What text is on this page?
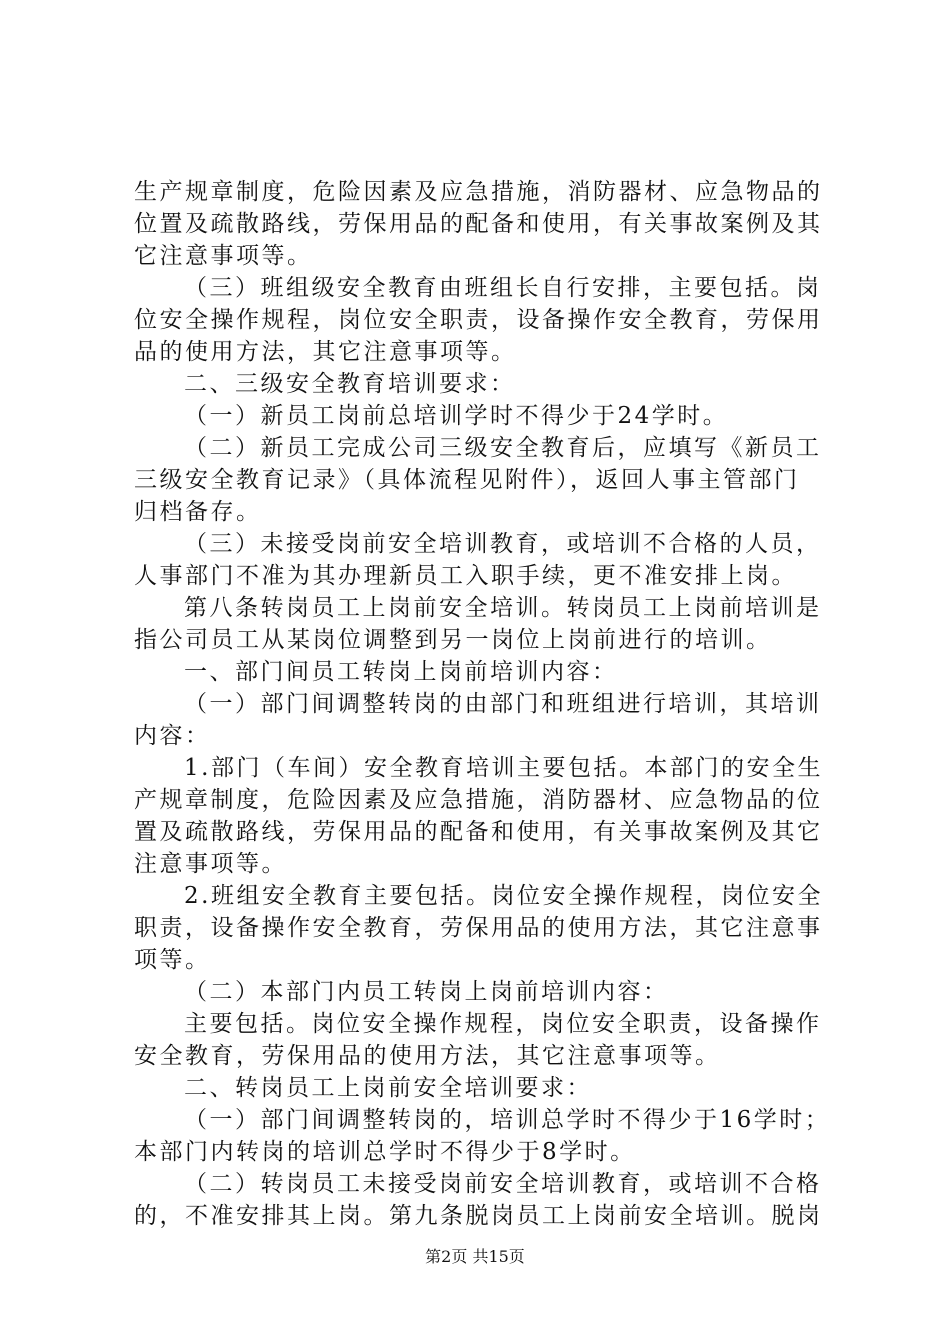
生产规章制度，危险因素及应急措施，消防器材、应急物品的
位置及疏散路线，劳保用品的配备和使用，有关事故案例及其
它注意事项等。
（三）班组级安全教育由班组长自行安排，主要包括。岗
位安全操作规程，岗位安全职责，设备操作安全教育，劳保用
品的使用方法，其它注意事项等。
二、三级安全教育培训要求：
（一）新员工岗前总培训学时不得少于24学时。
（二）新员工完成公司三级安全教育后，应填写《新员工
三级安全教育记录》（具体流程见附件），返回人事主管部门
归档备存。
（三）未接受岗前安全培训教育，或培训不合格的人员，
人事部门不准为其办理新员工入职手续，更不准安排上岗。
第八条转岗员工上岗前安全培训。转岗员工上岗前培训是
指公司员工从某岗位调整到另一岗位上岗前进行的培训。
一、部门间员工转岗上岗前培训内容：
（一）部门间调整转岗的由部门和班组进行培训，其培训
内容：
1.部门（车间）安全教育培训主要包括。本部门的安全生
产规章制度，危险因素及应急措施，消防器材、应急物品的位
置及疏散路线，劳保用品的配备和使用，有关事故案例及其它
注意事项等。
2.班组安全教育主要包括。岗位安全操作规程，岗位安全
职责，设备操作安全教育，劳保用品的使用方法，其它注意事
项等。
（二）本部门内员工转岗上岗前培训内容：
主要包括。岗位安全操作规程，岗位安全职责，设备操作
安全教育，劳保用品的使用方法，其它注意事项等。
二、转岗员工上岗前安全培训要求：
（一）部门间调整转岗的，培训总学时不得少于16学时；
本部门内转岗的培训总学时不得少于8学时。
（二）转岗员工未接受岗前安全培训教育，或培训不合格
的，不准安排其上岗。第九条脱岗员工上岗前安全培训。脱岗
第2页 共15页
